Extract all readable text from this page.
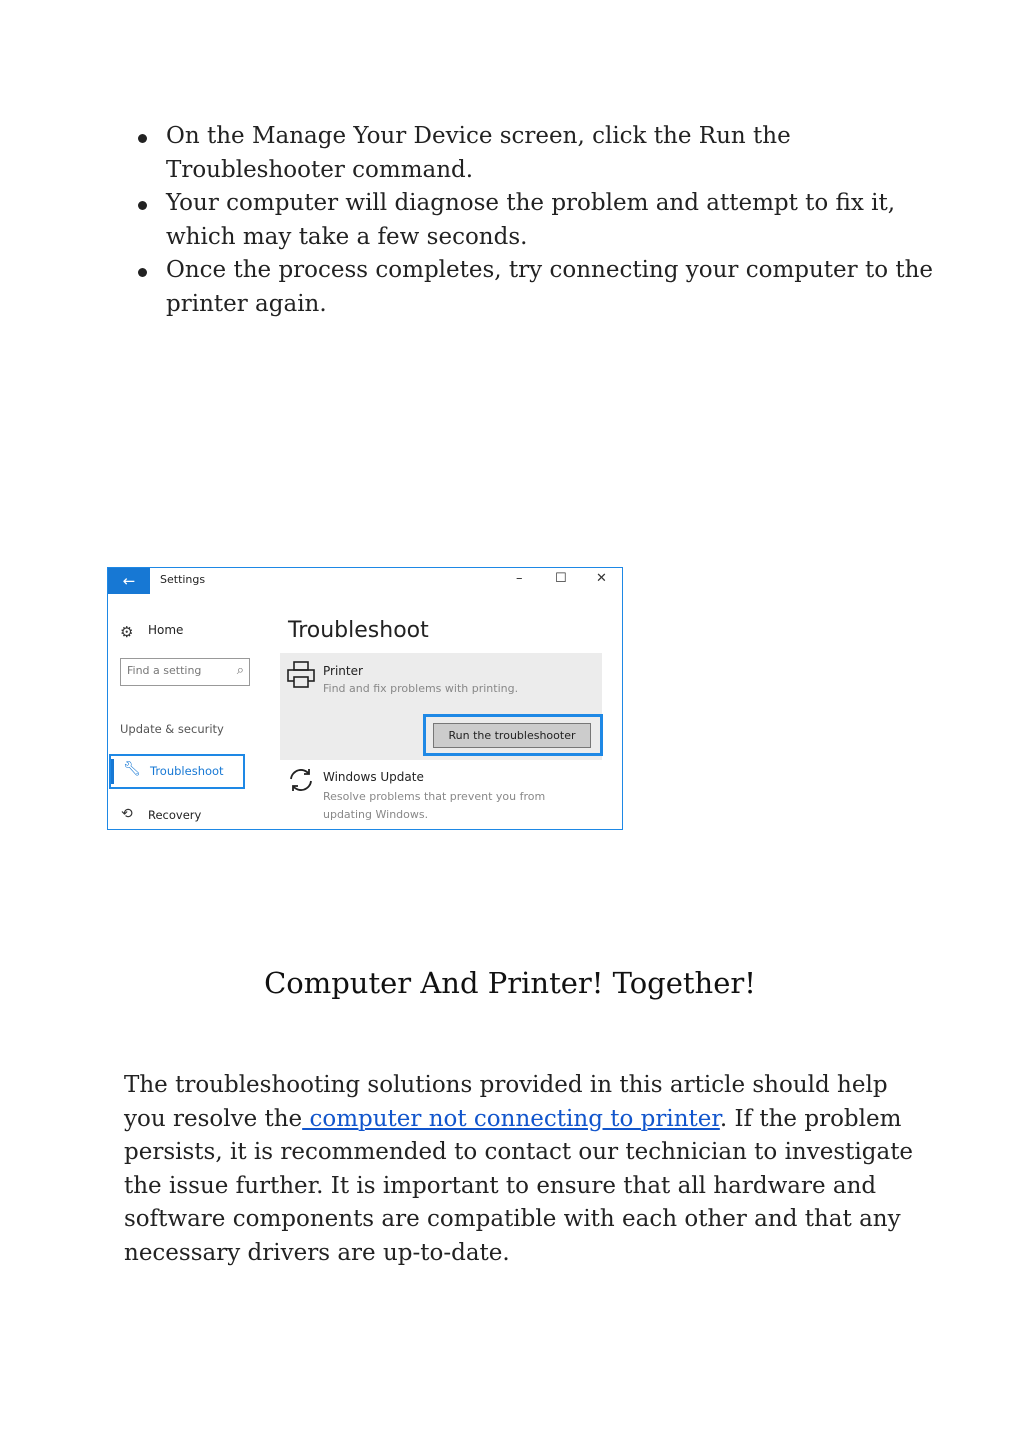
On the Manage Your Device screen, click the Run the Troubleshooter command.
Your computer will diagnose the problem and attempt to fix it, which may take a few seconds.
Once the process completes, try connecting your computer to the printer again.
←	Settings	–	☐ ✕
⚙ Home
Find a setting
⌕
Update & security
🔧︎ Troubleshoot
⟲ Recovery
Troubleshoot
Printer
Find and fix problems with printing.
Run the troubleshooter
Windows Update
Resolve problems that prevent you from updating Windows.
Computer And Printer! Together!

The troubleshooting solutions provided in this article should help you resolve the computer not connecting to printer. If the problem persists, it is recommended to contact our technician to investigate the issue further. It is important to ensure that all hardware and software components are compatible with each other and that any necessary drivers are up-to-date.
